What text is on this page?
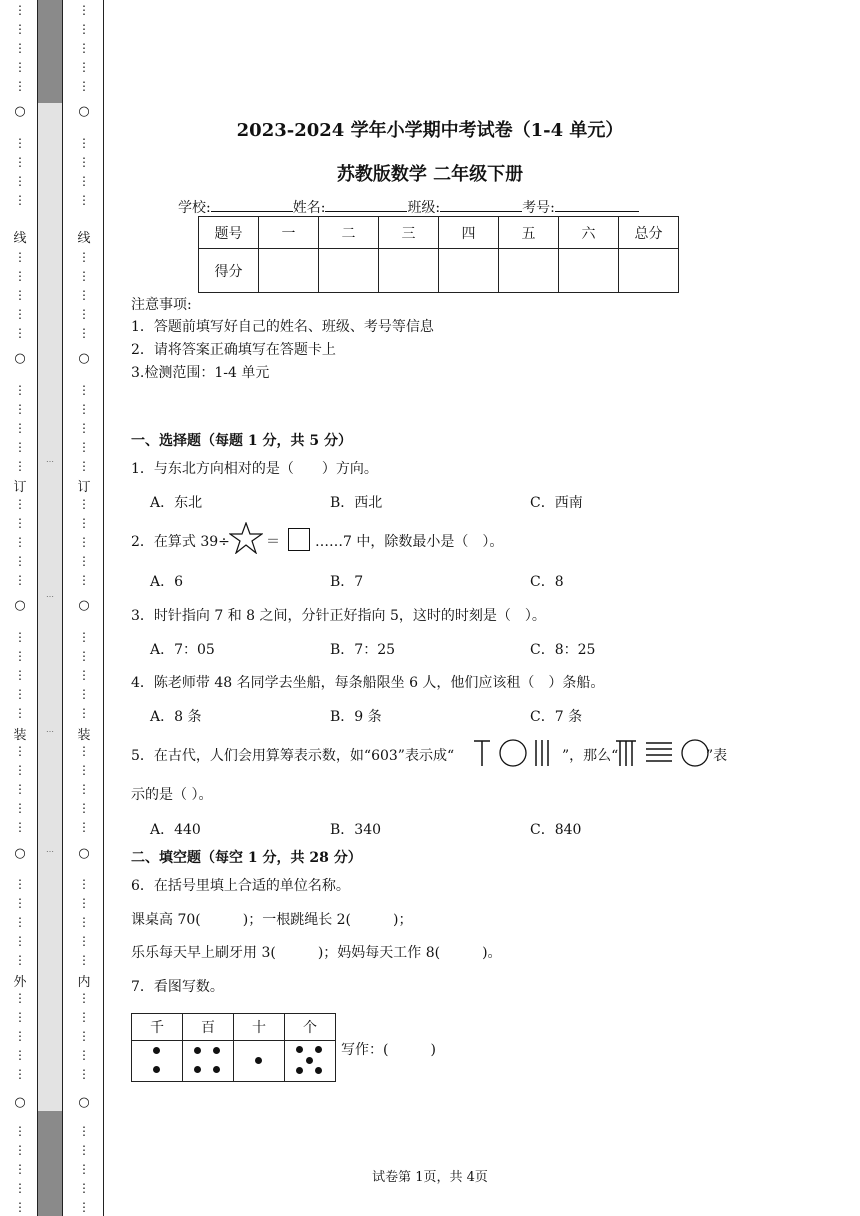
⋮
⋮
⋮
⋮
⋮
⋮
⋮
⋮
⋮
⋮
⋮
⋮
⋮
⋮
⋮
⋮
⋮
⋮
⋮
⋮
⋮
⋮
⋮
⋮
⋮
⋮
⋮
⋮
⋮
⋮
⋮
⋮
⋮
⋮
⋮
⋮
⋮
⋮
⋮
⋮
⋮
⋮
⋮
⋮
⋮
⋮
⋮
⋮
⋮
○
○
○
○
○
…
…
…
…
⋮
⋮
⋮
⋮
⋮
⋮
⋮
⋮
⋮
⋮
⋮
⋮
⋮
⋮
⋮
⋮
⋮
⋮
⋮
⋮
⋮
⋮
⋮
⋮
⋮
⋮
⋮
⋮
⋮
⋮
⋮
⋮
⋮
⋮
⋮
⋮
⋮
⋮
⋮
⋮
⋮
⋮
⋮
⋮
⋮
⋮
⋮
⋮
⋮
○
○
○
○
○
线
订
装
外
线
订
装
内
2023-2024 学年小学期中考试卷（1-4 单元）
苏教版数学 二年级下册
学校:	姓名:	班级:	考号:
题号	一	二	三	四	五	六	总分
得分							
注意事项:
1．答题前填写好自己的姓名、班级、考号等信息
2．请将答案正确填写在答题卡上
3.检测范围：1-4 单元
一、选择题（每题 1 分，共 5 分）
1．与东北方向相对的是（　　）方向。
A．东北	B．西北	C．西南
2．在算式 39÷	＝	……7 中，除数最小是（　）。
A．6	B．7	C．8
3．时针指向 7 和 8 之间，分针正好指向 5，这时的时刻是（　）。
A．7：05	B．7：25	C．8：25
4．陈老师带 48 名同学去坐船，每条船限坐 6 人，他们应该租（　）条船。
A．8 条	B．9 条	C．7 条
5．在古代，人们会用算筹表示数，如“603”表示成“	”，那么“	”表
示的是（ ）。
A．440	B．340	C．840
二、填空题（每空 1 分，共 28 分）
6．在括号里填上合适的单位名称。
课桌高 70(　　　)；一根跳绳长 2(　　　)；
乐乐每天早上刷牙用 3(　　　)；妈妈每天工作 8(　　　)。
7．看图写数。
千	百	十	个

写作：(　　　)
试卷第 1页，共 4页
